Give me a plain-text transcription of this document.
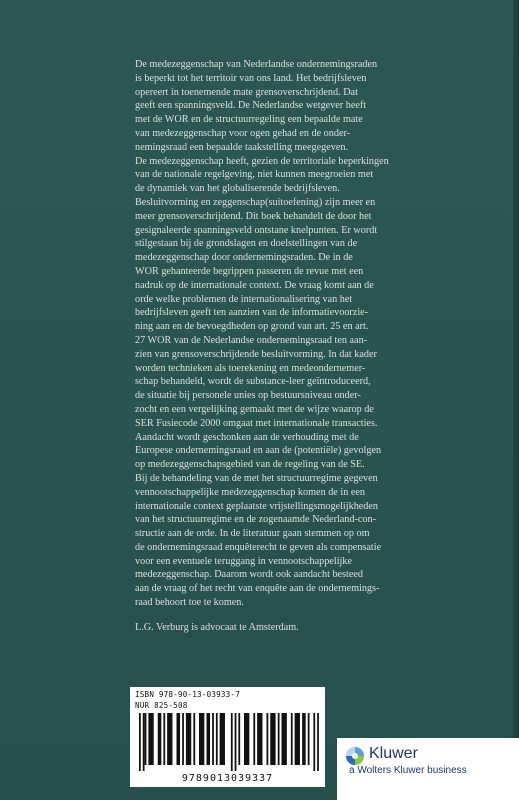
De medezeggenschap van Nederlandse ondernemingsraden

is beperkt tot het territoir van ons land. Het bedrijfsleven

opereert in toenemende mate grensoverschrijdend. Dat

geeft een spanningsveld. De Nederlandse wetgever heeft

met de WOR en de structuurregeling een bepaalde mate

van medezeggenschap voor ogen gehad en de onder-

nemingsraad een bepaalde taakstelling meegegeven.

De medezeggenschap heeft, gezien de territoriale beperkingen

van de nationale regelgeving, niet kunnen meegroeien met

de dynamiek van het globaliserende bedrijfsleven.

Besluitvorming en zeggenschap(suitoefening) zijn meer en

meer grensoverschrijdend. Dit boek behandelt de door het

gesignaleerde spanningsveld ontstane knelpunten. Er wordt

stilgestaan bij de grondslagen en doelstellingen van de

medezeggenschap door ondernemingsraden. De in de

WOR gehanteerde begrippen passeren de revue met een

nadruk op de internationale context. De vraag komt aan de

orde welke problemen de internationalisering van het

bedrijfsleven geeft ten aanzien van de informatievoorzie-

ning aan en de bevoegdheden op grond van art. 25 en art.

27 WOR van de Nederlandse ondernemingsraad ten aan-

zien van grensoverschrijdende besluitvorming. In dat kader

worden technieken als toerekening en medeondernemer-

schap behandeld, wordt de substance-leer geïntroduceerd,

de situatie bij personele unies op bestuursniveau onder-

zocht en een vergelijking gemaakt met de wijze waarop de

SER Fusiecode 2000 omgaat met internationale transacties.

Aandacht wordt geschonken aan de verhouding met de

Europese ondernemingsraad en aan de (potentiële) gevolgen

op medezeggenschapsgebied van de regeling van de SE.

Bij de behandeling van de met het structuurregime gegeven

vennootschappelijke medezeggenschap komen de in een

internationale context geplaatste vrijstellingsmogelijkheden

van het structuurregime en de zogenaamde Nederland-con-

structie aan de orde. In de literatuur gaan stemmen op om

de ondernemingsraad enquêterecht te geven als compensatie

voor een eventuele teruggang in vennootschappelijke

medezeggenschap. Daarom wordt ook aandacht besteed

aan de vraag of het recht van enquête aan de ondernemings-

raad behoort toe te komen.

L.G. Verburg is advocaat te Amsterdam.

ISBN 978-90-13-03933-7
NUR 825-508
9789013039337
Kluwer
a Wolters Kluwer business
